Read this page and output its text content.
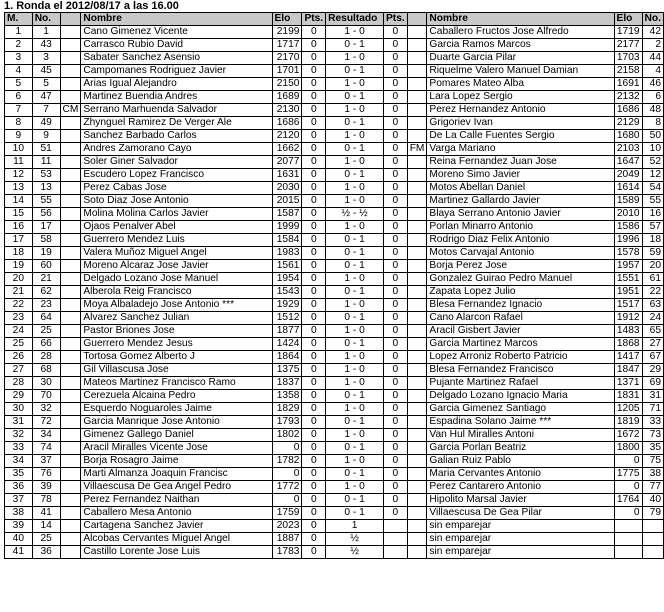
1. Ronda el 2012/08/17 a las 16.00
M.	No.		Nombre	Elo	Pts.	Resultado	Pts.		Nombre	Elo	No.
1	1		Cano Gimenez Vicente	2199	0	1 - 0	0		Caballero Fructos Jose Alfredo	1719	42
2	43		Carrasco Rubio David	1717	0	0 - 1	0		Garcia Ramos Marcos	2177	2
3	3		Sabater Sanchez Asensio	2170	0	1 - 0	0		Duarte Garcia Pilar	1703	44
4	45		Campomanes Rodriguez Javier	1701	0	0 - 1	0		Riquelme Valero Manuel Damian	2158	4
5	5		Arias Igual Alejandro	2150	0	1 - 0	0		Pomares Mateo Alba	1691	46
6	47		Martinez Buendia Andres	1689	0	0 - 1	0		Lara Lopez Sergio	2132	6
7	7	CM	Serrano Marhuenda Salvador	2130	0	1 - 0	0		Perez Hernandez Antonio	1686	48
8	49		Zhynguel Ramirez De Verger Ale	1686	0	0 - 1	0		Grigoriev Ivan	2129	8
9	9		Sanchez Barbado Carlos	2120	0	1 - 0	0		De La Calle Fuentes Sergio	1680	50
10	51		Andres Zamorano Cayo	1662	0	0 - 1	0	FM	Varga Mariano	2103	10
11	11		Soler Giner Salvador	2077	0	1 - 0	0		Reina Fernandez Juan Jose	1647	52
12	53		Escudero Lopez Francisco	1631	0	0 - 1	0		Moreno Simo Javier	2049	12
13	13		Perez Cabas Jose	2030	0	1 - 0	0		Motos Abellan Daniel	1614	54
14	55		Soto Diaz Jose Antonio	2015	0	1 - 0	0		Martinez Gallardo Javier	1589	55
15	56		Molina Molina Carlos Javier	1587	0	½ - ½	0		Blaya Serrano Antonio Javier	2010	16
16	17		Ojaos Penalver Abel	1999	0	1 - 0	0		Porlan Minarro Antonio	1586	57
17	58		Guerrero Mendez Luis	1584	0	0 - 1	0		Rodrigo Diaz Felix Antonio	1996	18
18	19		Valera Muñoz Miguel Angel	1983	0	0 - 1	0		Motos Carvajal Antonio	1578	59
19	60		Moreno Alcaraz Jose Javier	1561	0	0 - 1	0		Borja Perez Jose	1957	20
20	21		Delgado Lozano Jose Manuel	1954	0	1 - 0	0		Gonzalez Guirao Pedro Manuel	1551	61
21	62		Alberola Reig Francisco	1543	0	0 - 1	0		Zapata Lopez Julio	1951	22
22	23		Moya Albaladejo Jose Antonio ***	1929	0	1 - 0	0		Blesa Fernandez Ignacio	1517	63
23	64		Alvarez Sanchez Julian	1512	0	0 - 1	0		Cano Alarcon Rafael	1912	24
24	25		Pastor Briones Jose	1877	0	1 - 0	0		Aracil Gisbert Javier	1483	65
25	66		Guerrero Mendez Jesus	1424	0	0 - 1	0		Garcia Martinez Marcos	1868	27
26	28		Tortosa Gomez Alberto J	1864	0	1 - 0	0		Lopez Arroniz Roberto Patricio	1417	67
27	68		Gil Villascusa Jose	1375	0	1 - 0	0		Blesa Fernandez Francisco	1847	29
28	30		Mateos Martinez Francisco Ramo	1837	0	1 - 0	0		Pujante Martinez Rafael	1371	69
29	70		Cerezuela Alcaina Pedro	1358	0	0 - 1	0		Delgado Lozano Ignacio Maria	1831	31
30	32		Esquerdo Noguaroles Jaime	1829	0	1 - 0	0		Garcia Gimenez Santiago	1205	71
31	72		Garcia Manrique Jose Antonio	1793	0	0 - 1	0		Espadina Solano Jaime ***	1819	33
32	34		Gimenez Gallego Daniel	1802	0	1 - 0	0		Van Hul Miralles Antoni	1672	73
33	74		Aracil Miralles Vicente Jose	0	0	0 - 1	0		Garcia Porlan Beatriz	1800	35
34	37		Borja Rosagro Jaime	1782	0	1 - 0	0		Galian Ruiz Pablo	0	75
35	76		Marti Almanza Joaquin Francisc	0	0	0 - 1	0		Maria Cervantes Antonio	1775	38
36	39		Villaescusa De Gea Angel Pedro	1772	0	1 - 0	0		Perez Cantarero Antonio	0	77
37	78		Perez Fernandez Naithan	0	0	0 - 1	0		Hipolito Marsal Javier	1764	40
38	41		Caballero Mesa Antonio	1759	0	0 - 1	0		Villaescusa De Gea Pilar	0	79
39	14		Cartagena Sanchez Javier	2023	0	1			sin emparejar		
40	25		Alcobas Cervantes Miguel Angel	1887	0	½			sin emparejar		
41	36		Castillo Lorente Jose Luis	1783	0	½			sin emparejar		
